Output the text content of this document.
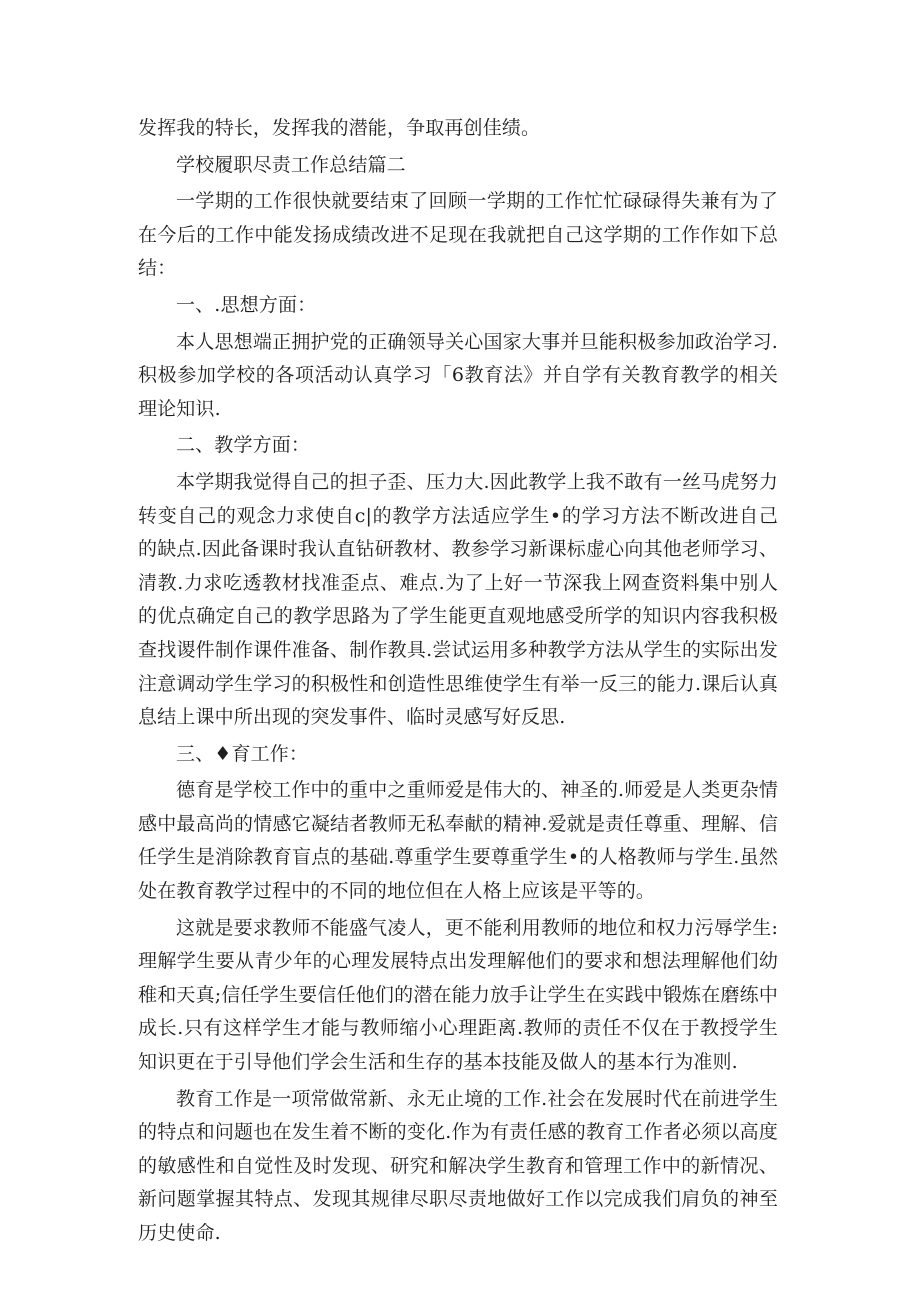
发挥我的特长，发挥我的潜能，争取再创佳绩。

学校履职尽责工作总结篇二

一学期的工作很快就要结束了回顾一学期的工作忙忙碌碌得失兼有为了在今后的工作中能发扬成绩改进不足现在我就把自己这学期的工作作如下总结：

一、.思想方面：

本人思想端正拥护党的正确领导关心国家大事并旦能积极参加政治学习.积极参加学校的各项活动认真学习「6教育法》并自学有关教育教学的相关理论知识.

二、教学方面：

本学期我觉得自己的担子歪、压力大.因此教学上我不敢有一丝马虎努力转变自己的观念力求使自c|的教学方法适应学生•的学习方法不断改进自己的缺点.因此备课时我认直钻研教材、教参学习新课标虚心向其他老师学习、清教.力求吃透教材找准歪点、难点.为了上好一节深我上网查资料集中别人的优点确定自己的教学思路为了学生能更直观地感受所学的知识内容我积极查找谡件制作课件准备、制作教具.尝试运用多种教学方法从学生的实际出发注意调动学生学习的积极性和创造性思维使学生有举一反三的能力.课后认真息结上课中所出现的突发事件、临时灵感写好反思.

三、♦育工作：

德育是学校工作中的重中之重师爱是伟大的、神圣的.师爱是人类更杂情感中最高尚的情感它凝结者教师无私奉献的精神.爱就是责任尊重、理解、信任学生是消除教育盲点的基础.尊重学生要尊重学生•的人格教师与学生.虽然处在教育教学过程中的不同的地位但在人格上应该是平等的。

这就是要求教师不能盛气凌人，更不能利用教师的地位和权力污辱学生:理解学生要从青少年的心理发展特点出发理解他们的要求和想法理解他们幼稚和天真;信任学生要信任他们的潜在能力放手让学生在实践中锻炼在磨练中成长.只有这样学生才能与教师缩小心理距离.教师的责任不仅在于教授学生知识更在于引导他们学会生活和生存的基本技能及做人的基本行为准则.

教育工作是一项常做常新、永无止境的工作.社会在发展时代在前进学生的特点和问题也在发生着不断的变化.作为有责任感的教育工作者必须以高度的敏感性和自觉性及时发现、研究和解决学生教育和管理工作中的新情况、新问题掌握其特点、发现其规律尽职尽责地做好工作以完成我们肩负的神至历史使命.
